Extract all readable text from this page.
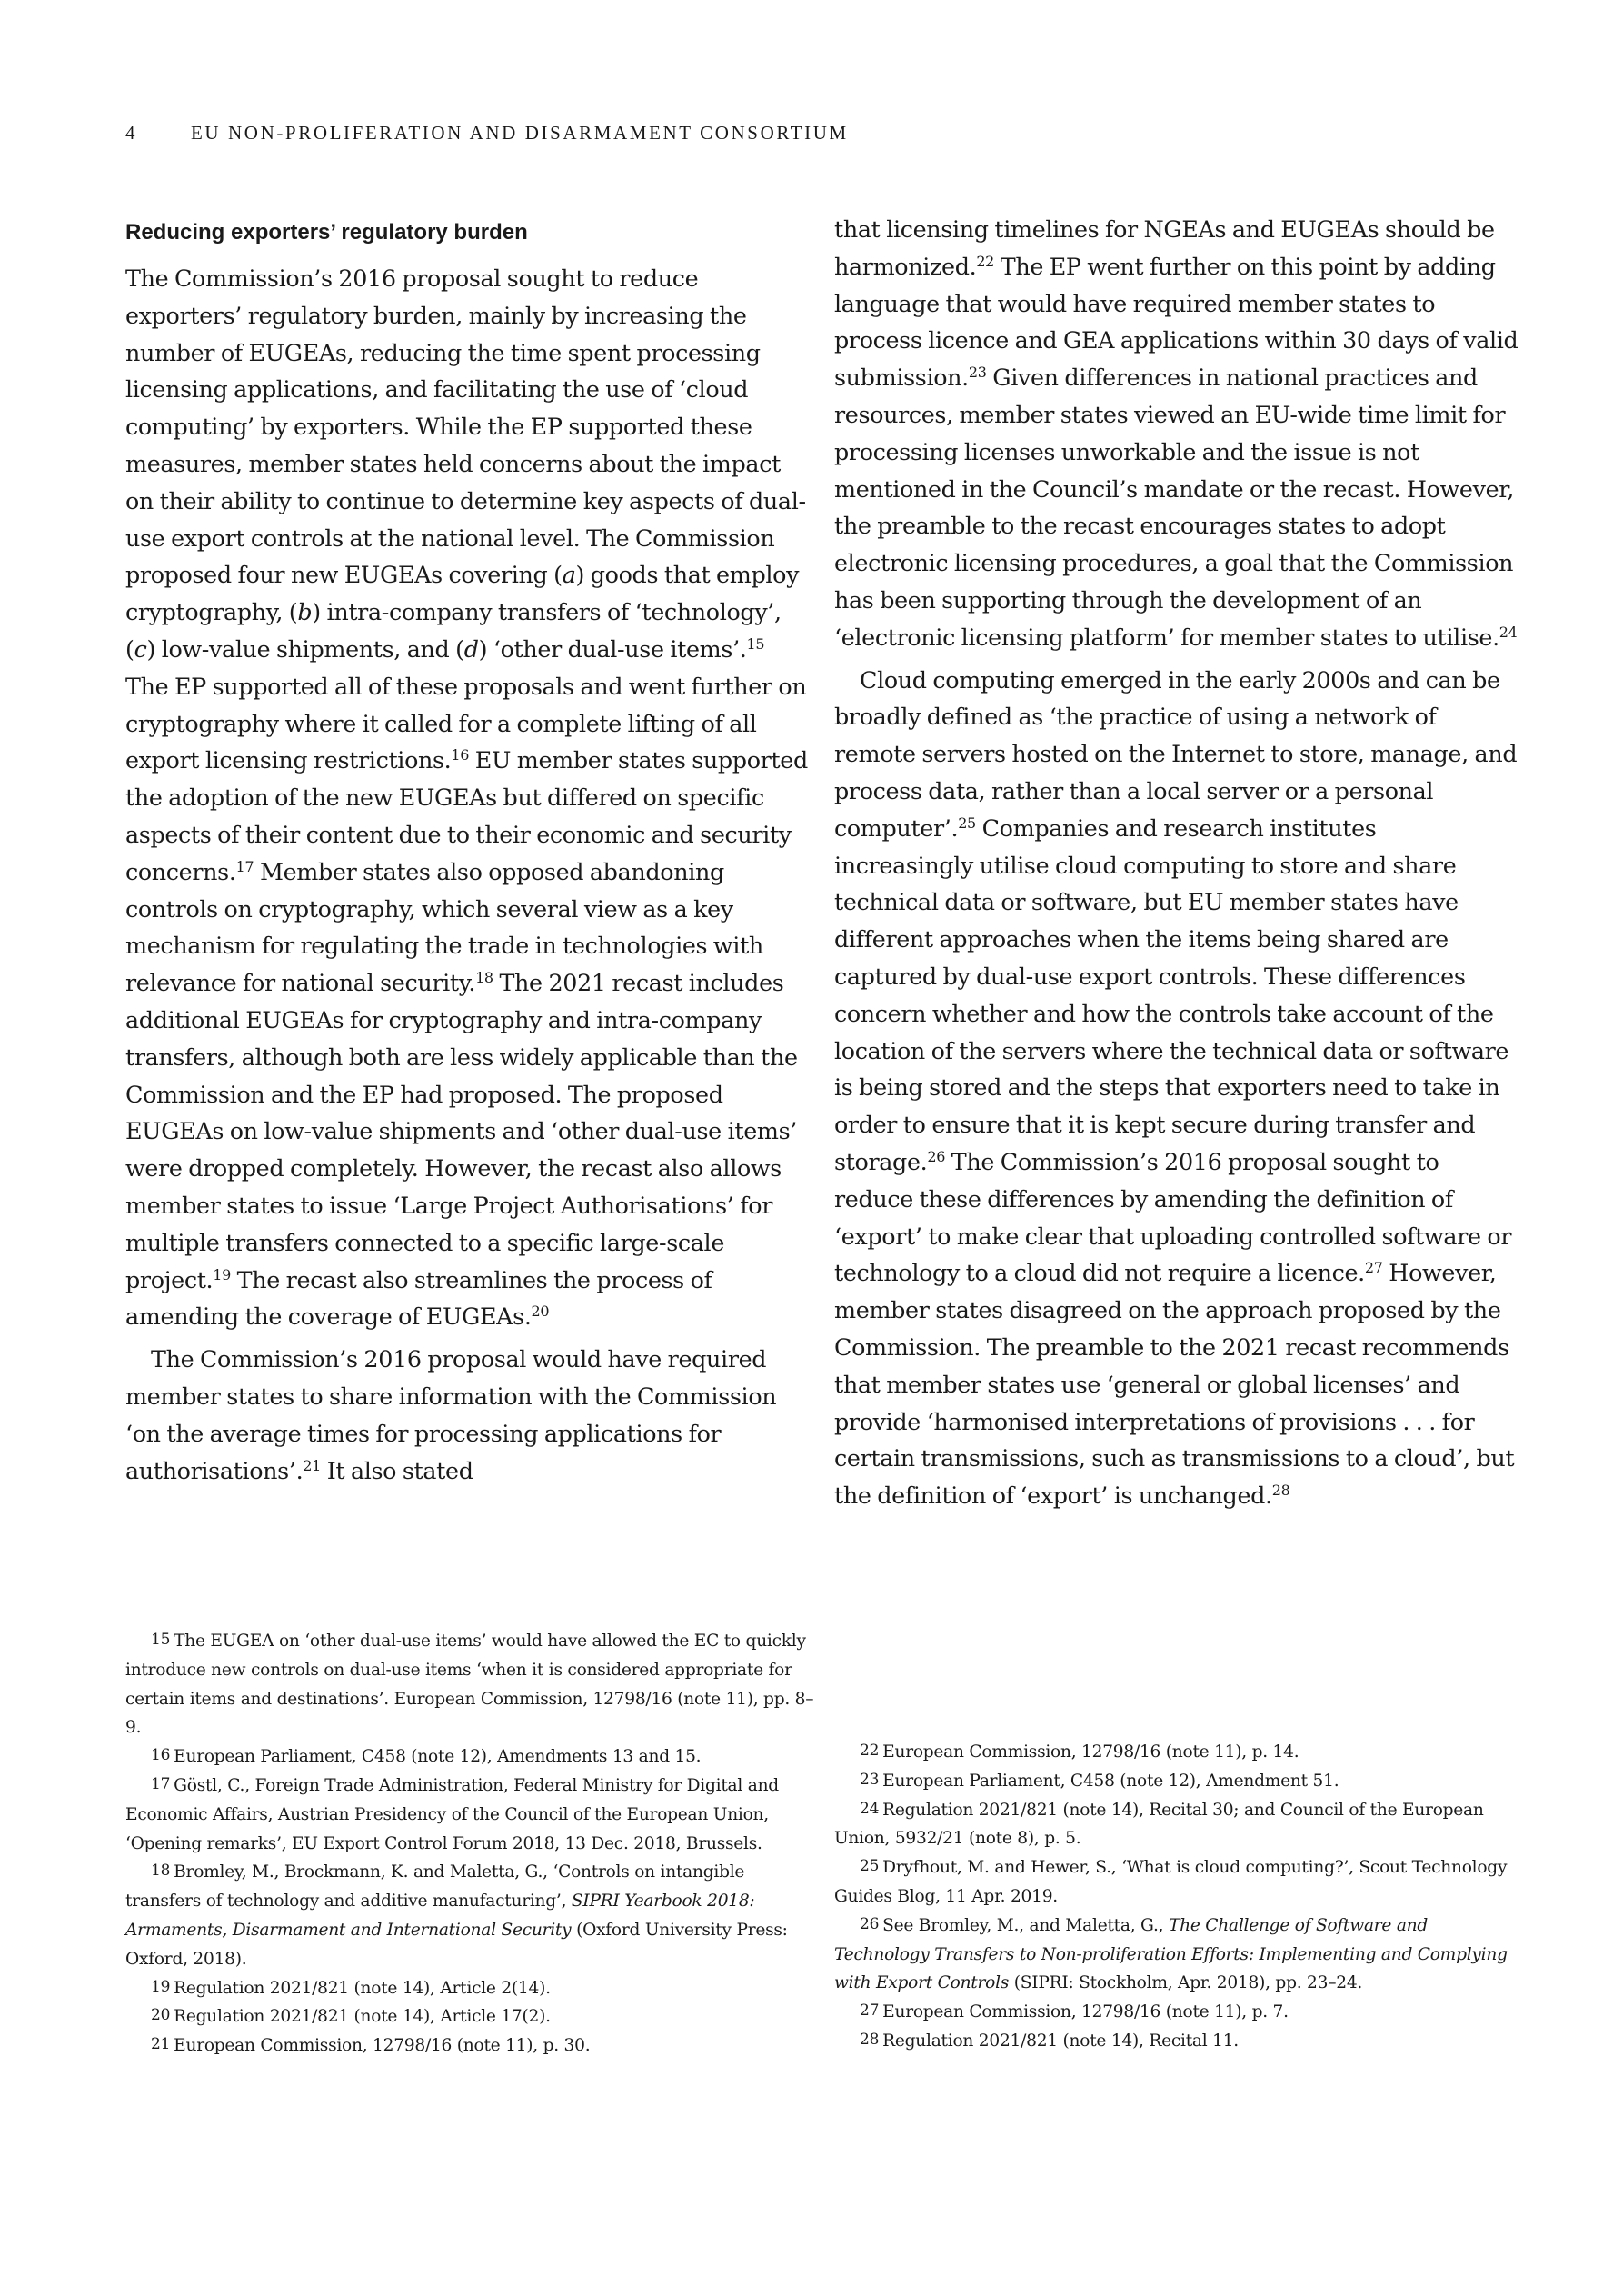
4	EU NON-PROLIFERATION AND DISARMAMENT CONSORTIUM
Reducing exporters’ regulatory burden

The Commission’s 2016 proposal sought to reduce exporters’ regulatory burden, mainly by increasing the number of EUGEAs, reducing the time spent processing licensing applications, and facilitating the use of ‘cloud computing’ by exporters. While the EP supported these measures, member states held concerns about the impact on their ability to continue to determine key aspects of dual-use export controls at the national level. The Commission proposed four new EUGEAs covering (a) goods that employ cryptography, (b) intra-company transfers of ‘technology’, (c) low-value shipments, and (d) ‘other dual-use items’.$^{15}$ The EP supported all of these proposals and went further on cryptography where it called for a complete lifting of all export licensing restrictions.$^{16}$ EU member states supported the adoption of the new EUGEAs but differed on specific aspects of their content due to their economic and security concerns.$^{17}$ Member states also opposed abandoning controls on cryptography, which several view as a key mechanism for regulating the trade in technologies with relevance for national security.$^{18}$ The 2021 recast includes additional EUGEAs for cryptography and intra-company transfers, although both are less widely applicable than the Commission and the EP had proposed. The proposed EUGEAs on low-value shipments and ‘other dual-use items’ were dropped completely. However, the recast also allows member states to issue ‘Large Project Authorisations’ for multiple transfers connected to a specific large-scale project.$^{19}$ The recast also streamlines the process of amending the coverage of EUGEAs.$^{20}$

The Commission’s 2016 proposal would have required member states to share information with the Commission ‘on the average times for processing applications for authorisations’.$^{21}$ It also stated

that licensing timelines for NGEAs and EUGEAs should be harmonized.$^{22}$ The EP went further on this point by adding language that would have required member states to process licence and GEA applications within 30 days of valid submission.$^{23}$ Given differences in national practices and resources, member states viewed an EU-wide time limit for processing licenses unworkable and the issue is not mentioned in the Council’s mandate or the recast. However, the preamble to the recast encourages states to adopt electronic licensing procedures, a goal that the Commission has been supporting through the development of an ‘electronic licensing platform’ for member states to utilise.$^{24}$

Cloud computing emerged in the early 2000s and can be broadly defined as ‘the practice of using a network of remote servers hosted on the Internet to store, manage, and process data, rather than a local server or a personal computer’.$^{25}$ Companies and research institutes increasingly utilise cloud computing to store and share technical data or software, but EU member states have different approaches when the items being shared are captured by dual-use export controls. These differences concern whether and how the controls take account of the location of the servers where the technical data or software is being stored and the steps that exporters need to take in order to ensure that it is kept secure during transfer and storage.$^{26}$ The Commission’s 2016 proposal sought to reduce these differences by amending the definition of ‘export’ to make clear that uploading controlled software or technology to a cloud did not require a licence.$^{27}$ However, member states disagreed on the approach proposed by the Commission. The preamble to the 2021 recast recommends that member states use ‘general or global licenses’ and provide ‘harmonised interpretations of provisions . . . for certain transmissions, such as transmissions to a cloud’, but the definition of ‘export’ is unchanged.$^{28}$

$^{15}$ The EUGEA on ‘other dual-use items’ would have allowed the EC to quickly introduce new controls on dual-use items ‘when it is considered appropriate for certain items and destinations’. European Commission, 12798/16 (note 11), pp. 8–9.

$^{16}$ European Parliament, C458 (note 12), Amendments 13 and 15.

$^{17}$ Göstl, C., Foreign Trade Administration, Federal Ministry for Digital and Economic Affairs, Austrian Presidency of the Council of the European Union, ‘Opening remarks’, EU Export Control Forum 2018, 13 Dec. 2018, Brussels.

$^{18}$ Bromley, M., Brockmann, K. and Maletta, G., ‘Controls on intangible transfers of technology and additive manufacturing’, SIPRI Yearbook 2018: Armaments, Disarmament and International Security (Oxford University Press: Oxford, 2018).

$^{19}$ Regulation 2021/821 (note 14), Article 2(14).

$^{20}$ Regulation 2021/821 (note 14), Article 17(2).

$^{21}$ European Commission, 12798/16 (note 11), p. 30.

$^{22}$ European Commission, 12798/16 (note 11), p. 14.

$^{23}$ European Parliament, C458 (note 12), Amendment 51.

$^{24}$ Regulation 2021/821 (note 14), Recital 30; and Council of the European Union, 5932/21 (note 8), p. 5.

$^{25}$ Dryfhout, M. and Hewer, S., ‘What is cloud computing?’, Scout Technology Guides Blog, 11 Apr. 2019.

$^{26}$ See Bromley, M., and Maletta, G., The Challenge of Software and Technology Transfers to Non-proliferation Efforts: Implementing and Complying with Export Controls (SIPRI: Stockholm, Apr. 2018), pp. 23–24.

$^{27}$ European Commission, 12798/16 (note 11), p. 7.

$^{28}$ Regulation 2021/821 (note 14), Recital 11.
